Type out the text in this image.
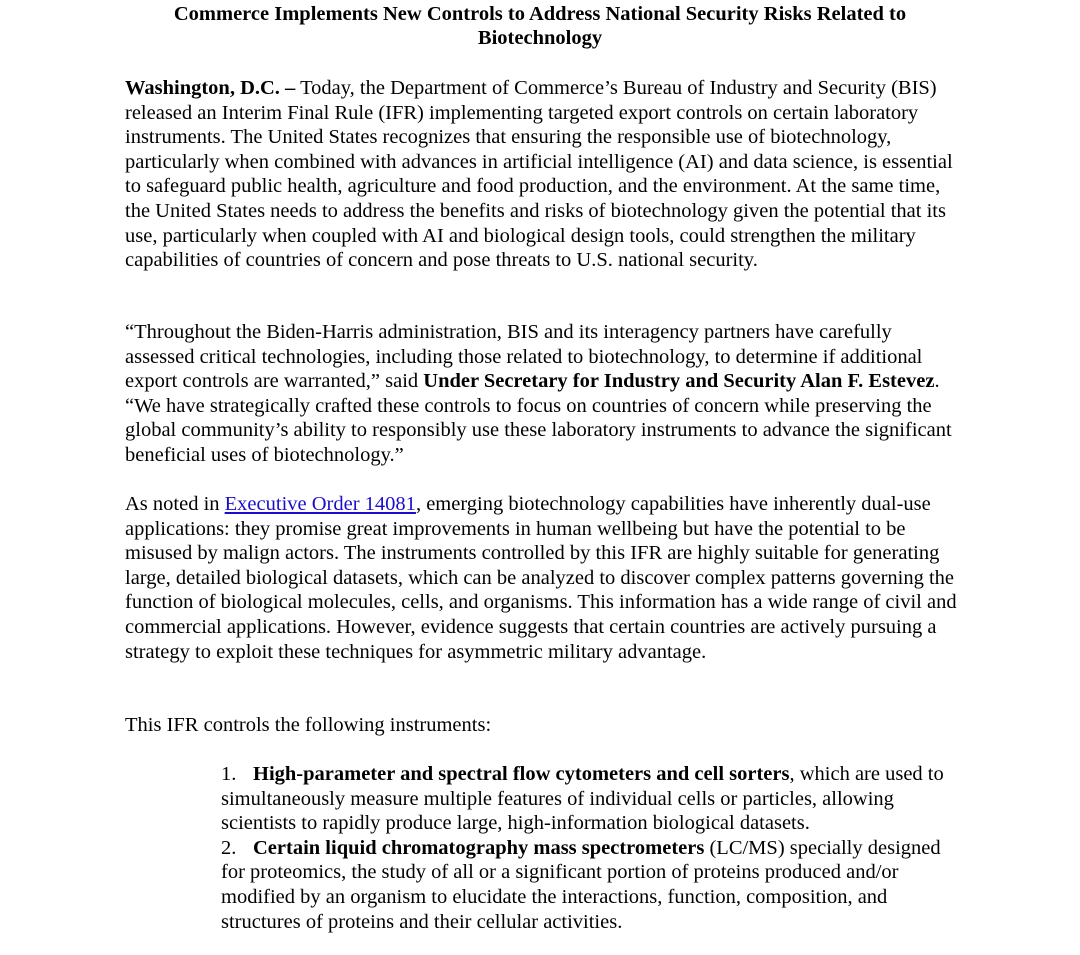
Commerce Implements New Controls to Address National Security Risks Related to
Biotechnology

Washington, D.C. – Today, the Department of Commerce’s Bureau of Industry and Security (BIS) released an Interim Final Rule (IFR) implementing targeted export controls on certain laboratory instruments. The United States recognizes that ensuring the responsible use of biotechnology, particularly when combined with advances in artificial intelligence (AI) and data science, is essential to safeguard public health, agriculture and food production, and the environment. At the same time, the United States needs to address the benefits and risks of biotechnology given the potential that its use, particularly when coupled with AI and biological design tools, could strengthen the military capabilities of countries of concern and pose threats to U.S. national security.

“Throughout the Biden-Harris administration, BIS and its interagency partners have carefully assessed critical technologies, including those related to biotechnology, to determine if additional export controls are warranted,” said Under Secretary for Industry and Security Alan F. Estevez. “We have strategically crafted these controls to focus on countries of concern while preserving the global community’s ability to responsibly use these laboratory instruments to advance the significant beneficial uses of biotechnology.”

As noted in Executive Order 14081, emerging biotechnology capabilities have inherently dual-use applications: they promise great improvements in human wellbeing but have the potential to be misused by malign actors. The instruments controlled by this IFR are highly suitable for generating large, detailed biological datasets, which can be analyzed to discover complex patterns governing the function of biological molecules, cells, and organisms. This information has a wide range of civil and commercial applications. However, evidence suggests that certain countries are actively pursuing a strategy to exploit these techniques for asymmetric military advantage.

This IFR controls the following instruments:

1. High-parameter and spectral flow cytometers and cell sorters, which are used to simultaneously measure multiple features of individual cells or particles, allowing scientists to rapidly produce large, high-information biological datasets.

2. Certain liquid chromatography mass spectrometers (LC/MS) specially designed for proteomics, the study of all or a significant portion of proteins produced and/or modified by an organism to elucidate the interactions, function, composition, and structures of proteins and their cellular activities.
